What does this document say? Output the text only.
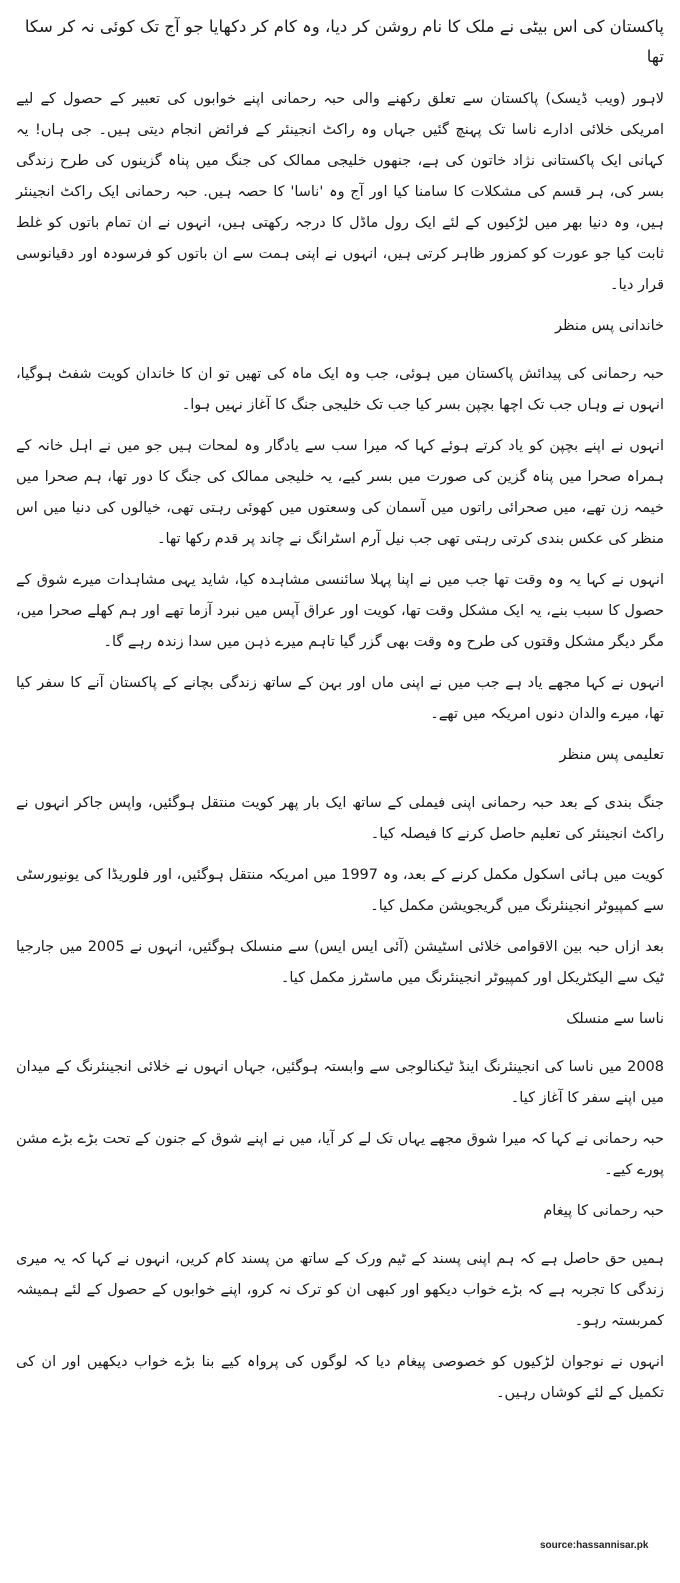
پاکستان کی اس بیٹی نے ملک کا نام روشن کر دیا، وہ کام کر دکھایا جو آج تک کوئی نہ کر سکا تھا

لاہور (ویب ڈیسک) پاکستان سے تعلق رکھنے والی حبہ رحمانی اپنے خوابوں کی تعبیر کے حصول کے لیے امریکی خلائی ادارے ناسا تک پہنچ گئیں جہاں وہ راکٹ انجینئر کے فرائض انجام دیتی ہیں۔ جی ہاں! یہ کہانی ایک پاکستانی نژاد خاتون کی ہے، جنھوں خلیجی ممالک کی جنگ میں پناہ گزینوں کی طرح زندگی بسر کی، ہر قسم کی مشکلات کا سامنا کیا اور آج وہ 'ناسا' کا حصہ ہیں. حبہ رحمانی ایک راکٹ انجینئر ہیں، وہ دنیا بھر میں لڑکیوں کے لئے ایک رول ماڈل کا درجہ رکھتی ہیں، انہوں نے ان تمام باتوں کو غلط ثابت کیا جو عورت کو کمزور ظاہر کرتی ہیں، انہوں نے اپنی ہمت سے ان باتوں کو فرسودہ اور دقیانوسی قرار دیا۔

خاندانی پس منظر

حبہ رحمانی کی پیدائش پاکستان میں ہوئی، جب وہ ایک ماہ کی تھیں تو ان کا خاندان کویت شفٹ ہوگیا، انہوں نے وہاں جب تک اچھا بچپن بسر کیا جب تک خلیجی جنگ کا آغاز نہیں ہوا۔

انہوں نے اپنے بچپن کو یاد کرتے ہوئے کہا کہ میرا سب سے یادگار وہ لمحات ہیں جو میں نے اہل خانہ کے ہمراہ صحرا میں پناہ گزین کی صورت میں بسر کیے، یہ خلیجی ممالک کی جنگ کا دور تھا، ہم صحرا میں خیمہ زن تھے، میں صحرائی راتوں میں آسمان کی وسعتوں میں کھوئی رہتی تھی، خیالوں کی دنیا میں اس منظر کی عکس بندی کرتی رہتی تھی جب نیل آرم اسٹرانگ نے چاند پر قدم رکھا تھا۔

انہوں نے کہا یہ وہ وقت تھا جب میں نے اپنا پہلا سائنسی مشاہدہ کیا، شاید یہی مشاہدات میرے شوق کے حصول کا سبب بنے، یہ ایک مشکل وقت تھا، کویت اور عراق آپس میں نبرد آزما تھے اور ہم کھلے صحرا میں، مگر دیگر مشکل وقتوں کی طرح وہ وقت بھی گزر گیا تاہم میرے ذہن میں سدا زندہ رہے گا۔

انہوں نے کہا مجھے یاد ہے جب میں نے اپنی ماں اور بہن کے ساتھ زندگی بچانے کے پاکستان آنے کا سفر کیا تھا، میرے والدان دنوں امریکہ میں تھے۔

تعلیمی پس منظر

جنگ بندی کے بعد حبہ رحمانی اپنی فیملی کے ساتھ ایک بار پھر کویت منتقل ہوگئیں، واپس جاکر انہوں نے راکٹ انجینئر کی تعلیم حاصل کرنے کا فیصلہ کیا۔

کویت میں ہائی اسکول مکمل کرنے کے بعد، وہ 1997 میں امریکہ منتقل ہوگئیں، اور فلوریڈا کی یونیورسٹی سے کمپیوٹر انجینئرنگ میں گریجویشن مکمل کیا۔

بعد ازاں حبہ بین الاقوامی خلائی اسٹیشن (آئی ایس ایس) سے منسلک ہوگئیں، انہوں نے 2005 میں جارجیا ٹیک سے الیکٹریکل اور کمپیوٹر انجینئرنگ میں ماسٹرز مکمل کیا۔

ناسا سے منسلک

2008 میں ناسا کی انجینئرنگ اینڈ ٹیکنالوجی سے وابستہ ہوگئیں، جہاں انہوں نے خلائی انجینئرنگ کے میدان میں اپنے سفر کا آغاز کیا۔

حبہ رحمانی نے کہا کہ میرا شوق مجھے یہاں تک لے کر آیا، میں نے اپنے شوق کے جنون کے تحت بڑے بڑے مشن پورے کیے۔

حبہ رحمانی کا پیغام

ہمیں حق حاصل ہے کہ ہم اپنی پسند کے ٹیم ورک کے ساتھ من پسند کام کریں، انہوں نے کہا کہ یہ میری زندگی کا تجربہ ہے کہ بڑے خواب دیکھو اور کبھی ان کو ترک نہ کرو، اپنے خوابوں کے حصول کے لئے ہمیشہ کمربستہ رہو۔

انہوں نے نوجوان لڑکیوں کو خصوصی پیغام دیا کہ لوگوں کی پرواہ کیے بنا بڑے خواب دیکھیں اور ان کی تکمیل کے لئے کوشاں رہیں۔

source:hassannisar.pk
